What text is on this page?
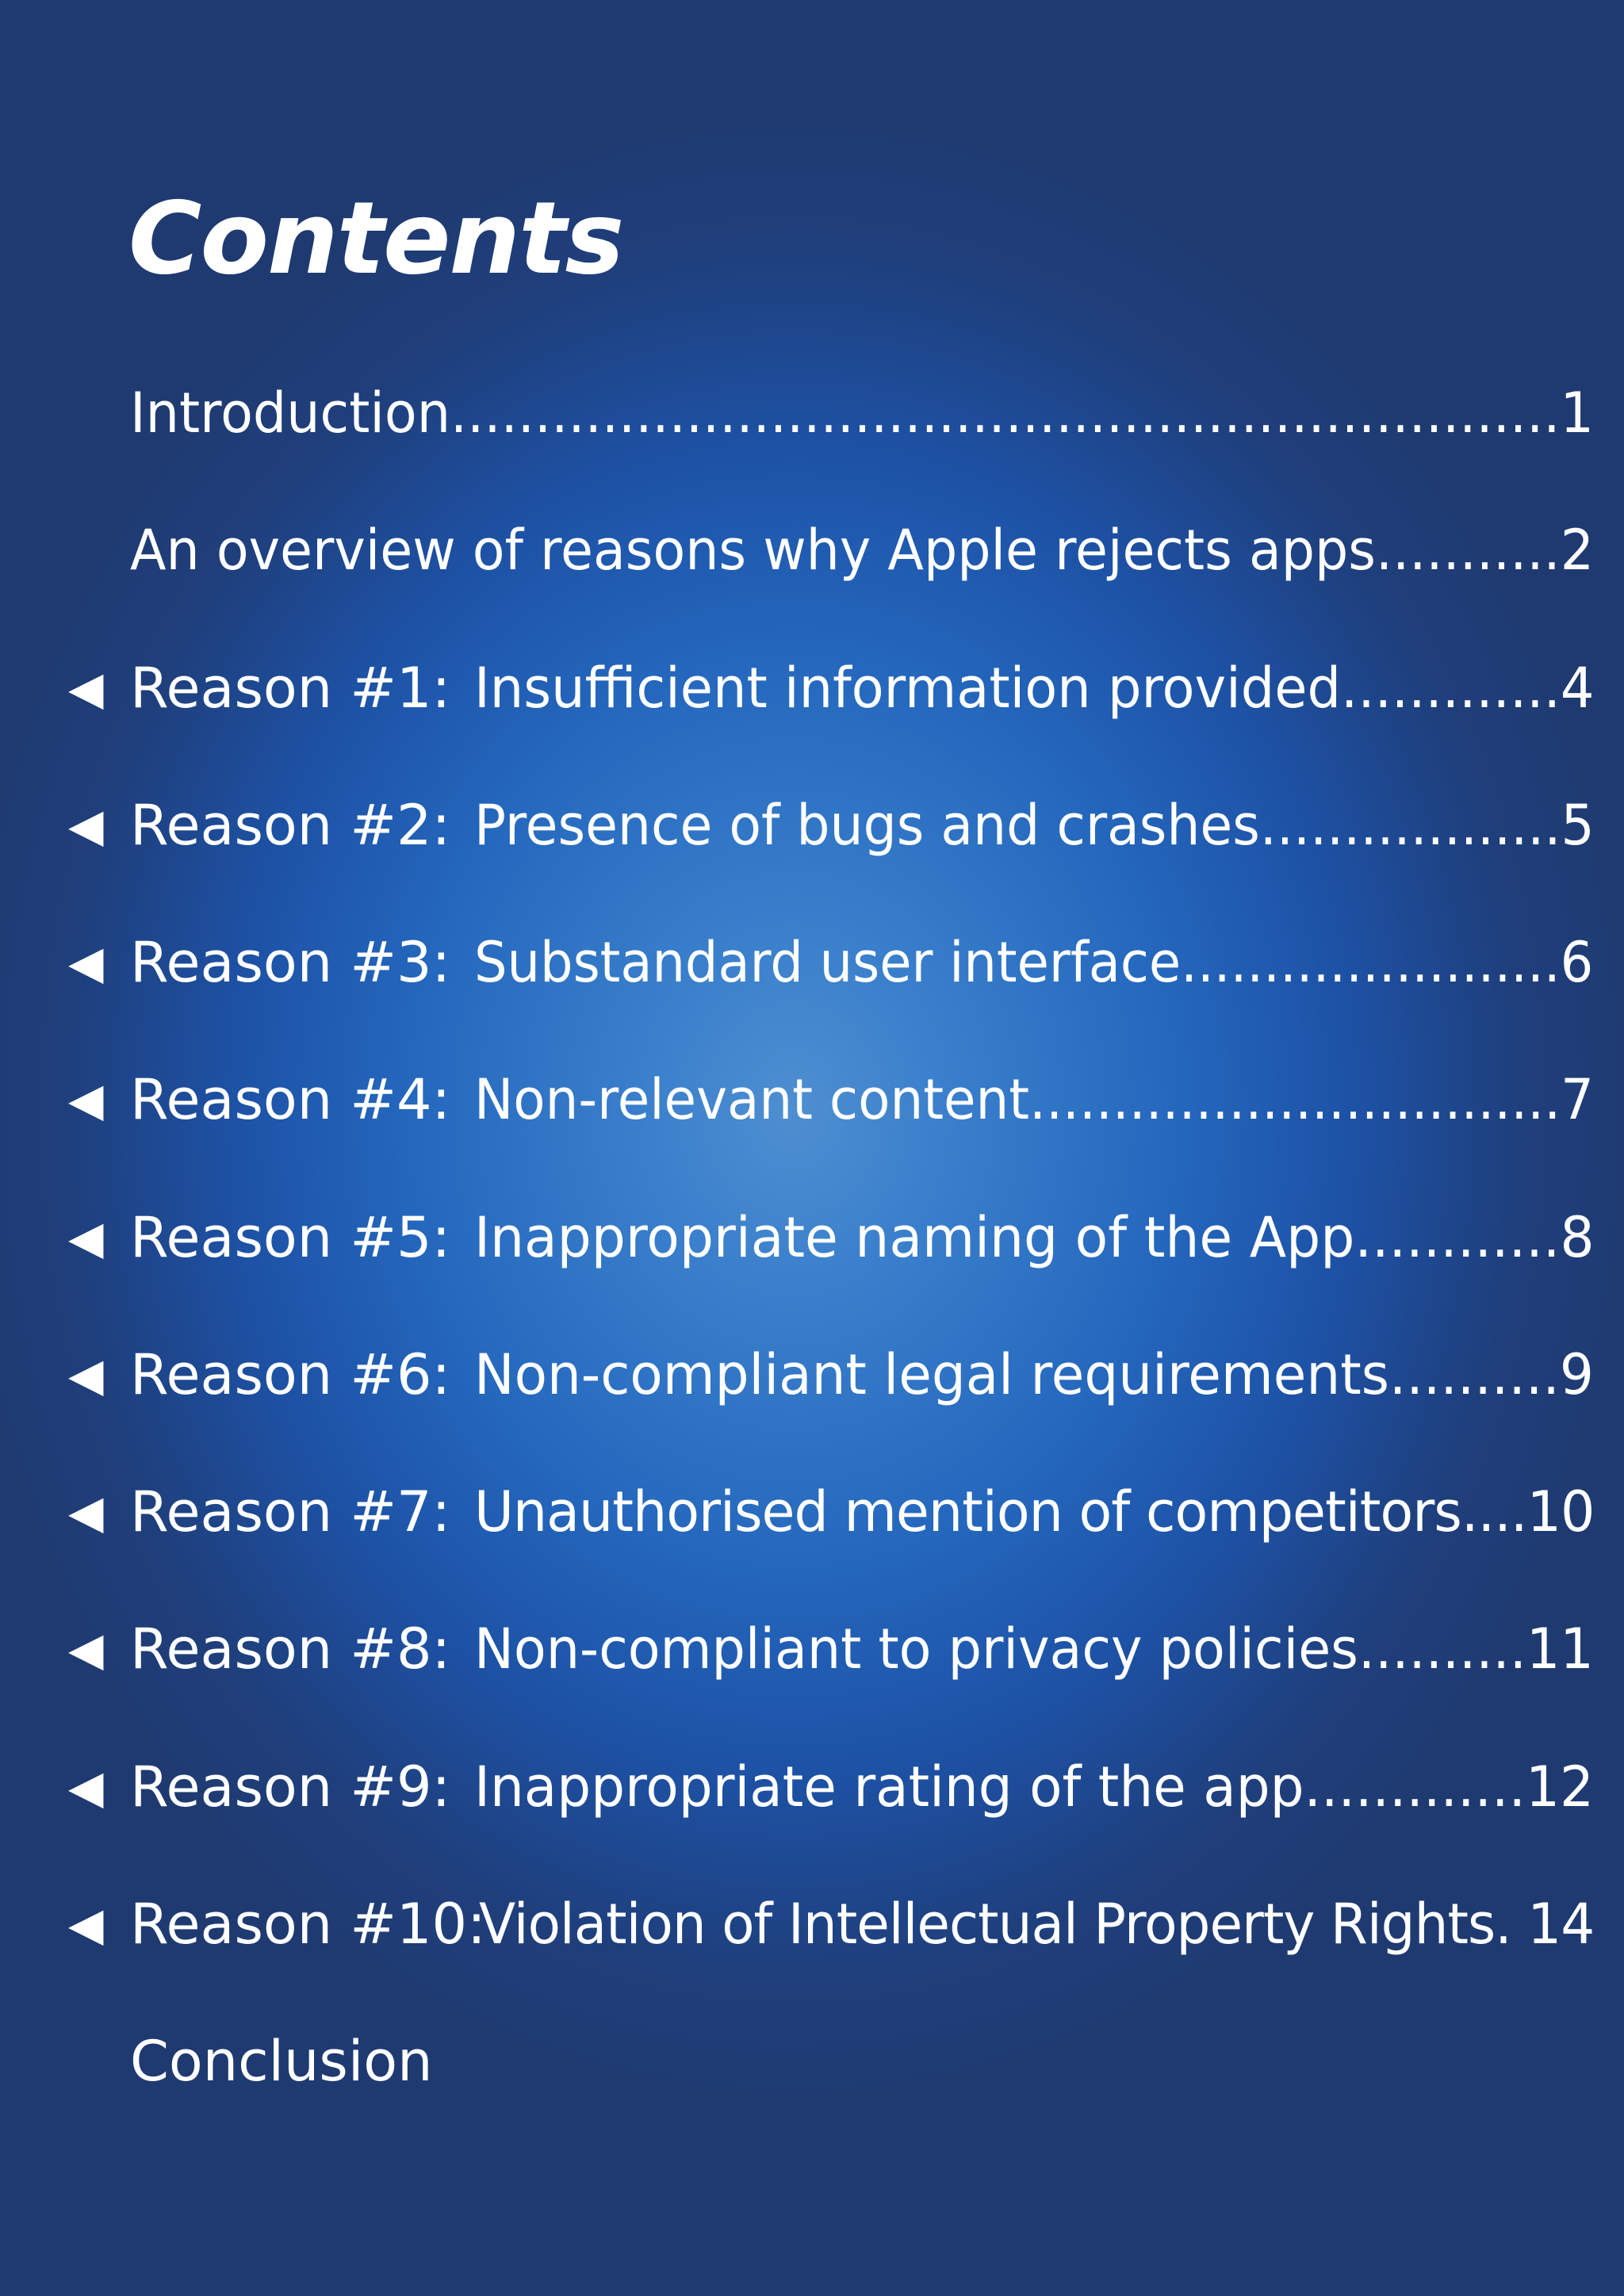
Contents
Introduction..................................................................1
An overview of reasons why Apple rejects apps...........2
◀ Reason #1: Insufficient information provided.............4
◀ Reason #2: Presence of bugs and crashes..................5
◀ Reason #3: Substandard user interface.......................6
◀ Reason #4: Non-relevant content................................7
◀ Reason #5: Inappropriate naming of the App............8
◀ Reason #6: Non-compliant legal requirements..........9
◀ Reason #7: Unauthorised mention of competitors....10
◀ Reason #8: Non-compliant to privacy policies..........11
◀ Reason #9: Inappropriate rating of the app.............12
◀ Reason #10:
Violation of Intellectual Property Rights. 14
Conclusion
